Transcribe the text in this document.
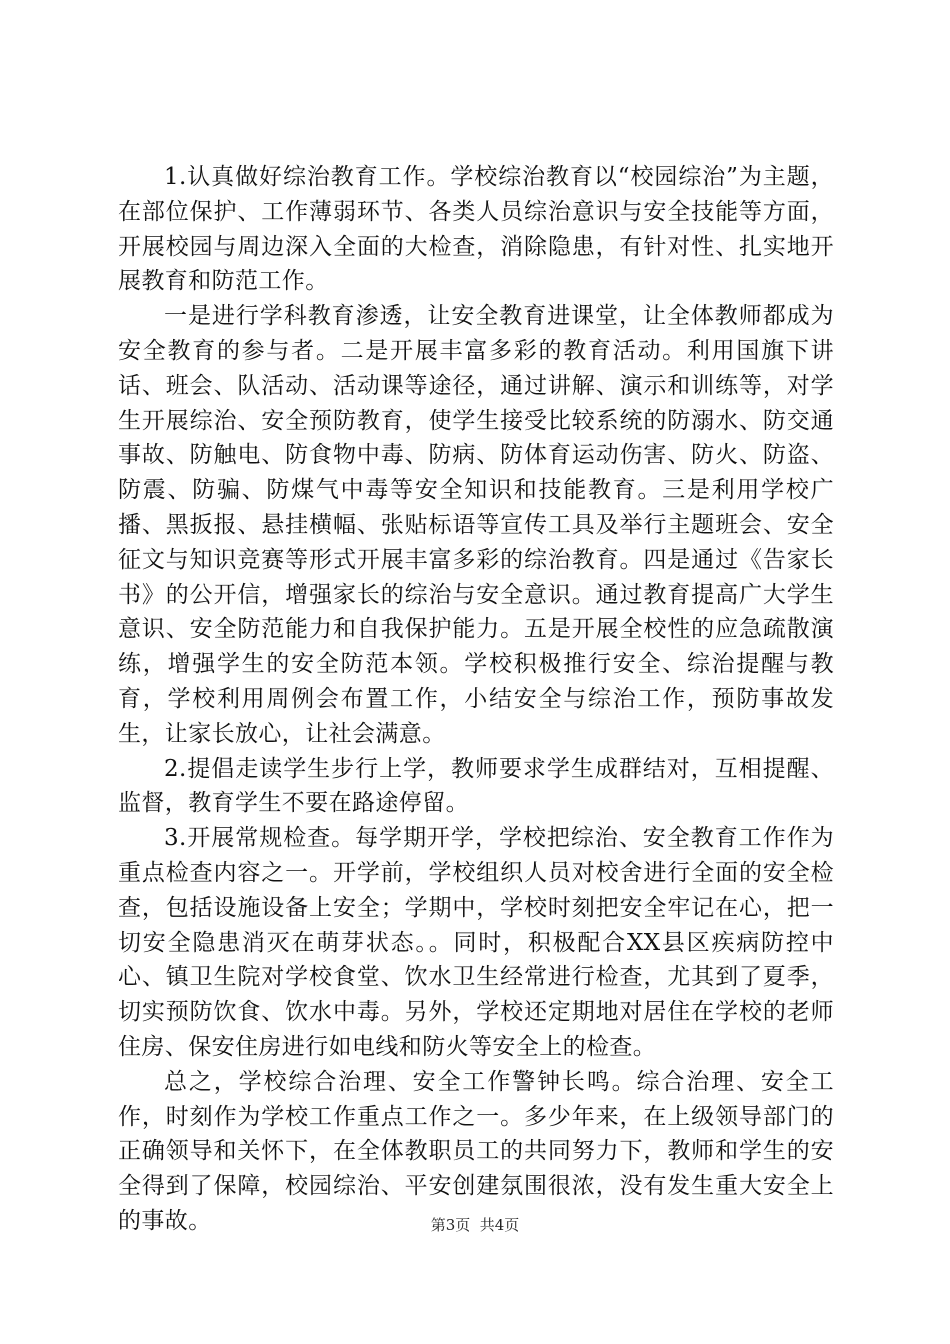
1.认真做好综治教育工作。学校综治教育以“校园综治”为主题，在部位保护、工作薄弱环节、各类人员综治意识与安全技能等方面，开展校园与周边深入全面的大检查，消除隐患，有针对性、扎实地开展教育和防范工作。

一是进行学科教育渗透，让安全教育进课堂，让全体教师都成为安全教育的参与者。二是开展丰富多彩的教育活动。利用国旗下讲话、班会、队活动、活动课等途径，通过讲解、演示和训练等，对学生开展综治、安全预防教育，使学生接受比较系统的防溺水、防交通事故、防触电、防食物中毒、防病、防体育运动伤害、防火、防盗、防震、防骗、防煤气中毒等安全知识和技能教育。三是利用学校广播、黑扳报、悬挂横幅、张贴标语等宣传工具及举行主题班会、安全征文与知识竞赛等形式开展丰富多彩的综治教育。四是通过《告家长书》的公开信，增强家长的综治与安全意识。通过教育提高广大学生意识、安全防范能力和自我保护能力。五是开展全校性的应急疏散演练，增强学生的安全防范本领。学校积极推行安全、综治提醒与教育，学校利用周例会布置工作，小结安全与综治工作，预防事故发生，让家长放心，让社会满意。

2.提倡走读学生步行上学，教师要求学生成群结对，互相提醒、监督，教育学生不要在路途停留。

3.开展常规检查。每学期开学，学校把综治、安全教育工作作为重点检查内容之一。开学前，学校组织人员对校舍进行全面的安全检查，包括设施设备上安全；学期中，学校时刻把安全牢记在心，把一切安全隐患消灭在萌芽状态。。同时，积极配合XX县区疾病防控中心、镇卫生院对学校食堂、饮水卫生经常进行检查，尤其到了夏季，切实预防饮食、饮水中毒。另外，学校还定期地对居住在学校的老师住房、保安住房进行如电线和防火等安全上的检查。

总之，学校综合治理、安全工作警钟长鸣。综合治理、安全工作，时刻作为学校工作重点工作之一。多少年来，在上级领导部门的正确领导和关怀下，在全体教职员工的共同努力下，教师和学生的安全得到了保障，校园综治、平安创建氛围很浓，没有发生重大安全上的事故。	第3页  共4页
